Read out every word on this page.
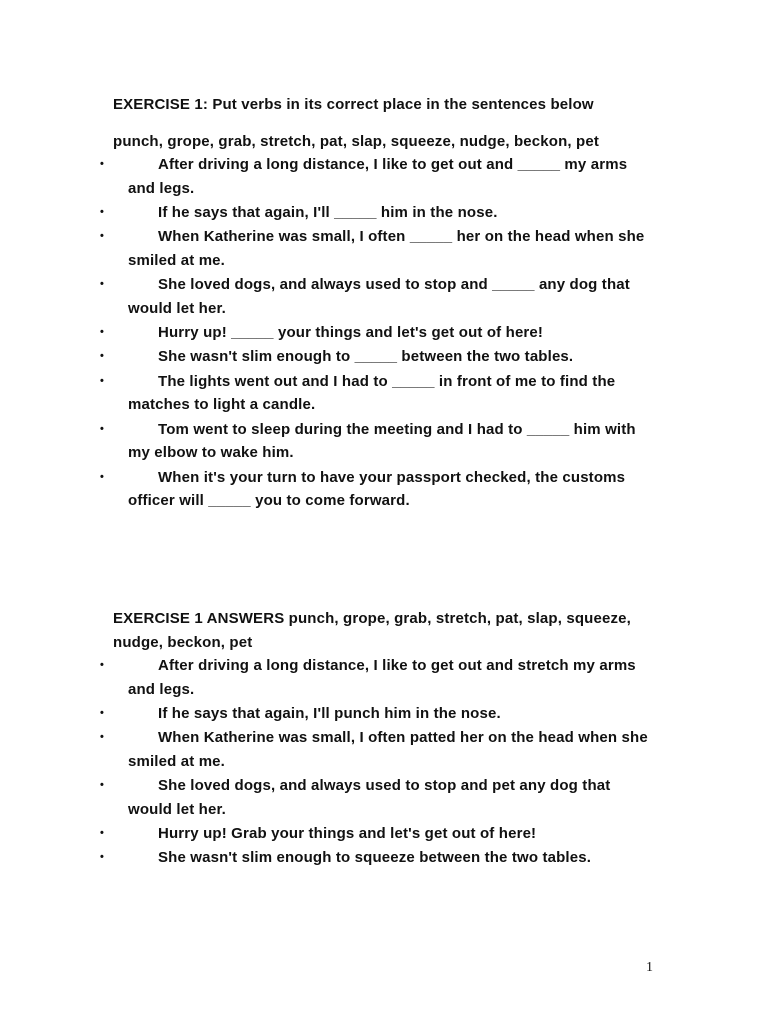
EXERCISE 1: Put verbs in its correct place in the sentences below

punch, grope, grab, stretch, pat, slap, squeeze, nudge, beckon, pet

•	After driving a long distance, I like to get out and _____ my arms and legs.
•	If he says that again, I'll _____ him in the nose.
•	When Katherine was small, I often _____ her on the head when she smiled at me.
•	She loved dogs, and always used to stop and _____ any dog that would let her.
•	Hurry up! _____ your things and let's get out of here!
•	She wasn't slim enough to _____ between the two tables.
•	The lights went out and I had to _____ in front of me to find the matches to light a candle.
•	Tom went to sleep during the meeting and I had to _____ him with my elbow to wake him.
•	When it's your turn to have your passport checked, the customs officer will _____ you to come forward.

EXERCISE 1 ANSWERS punch, grope, grab, stretch, pat, slap, squeeze, nudge, beckon, pet

•	After driving a long distance, I like to get out and stretch my arms and legs.
•	If he says that again, I'll punch him in the nose.
•	When Katherine was small, I often patted her on the head when she smiled at me.
•	She loved dogs, and always used to stop and pet any dog that would let her.
•	Hurry up! Grab your things and let's get out of here!
•	She wasn't slim enough to squeeze between the two tables.
1
